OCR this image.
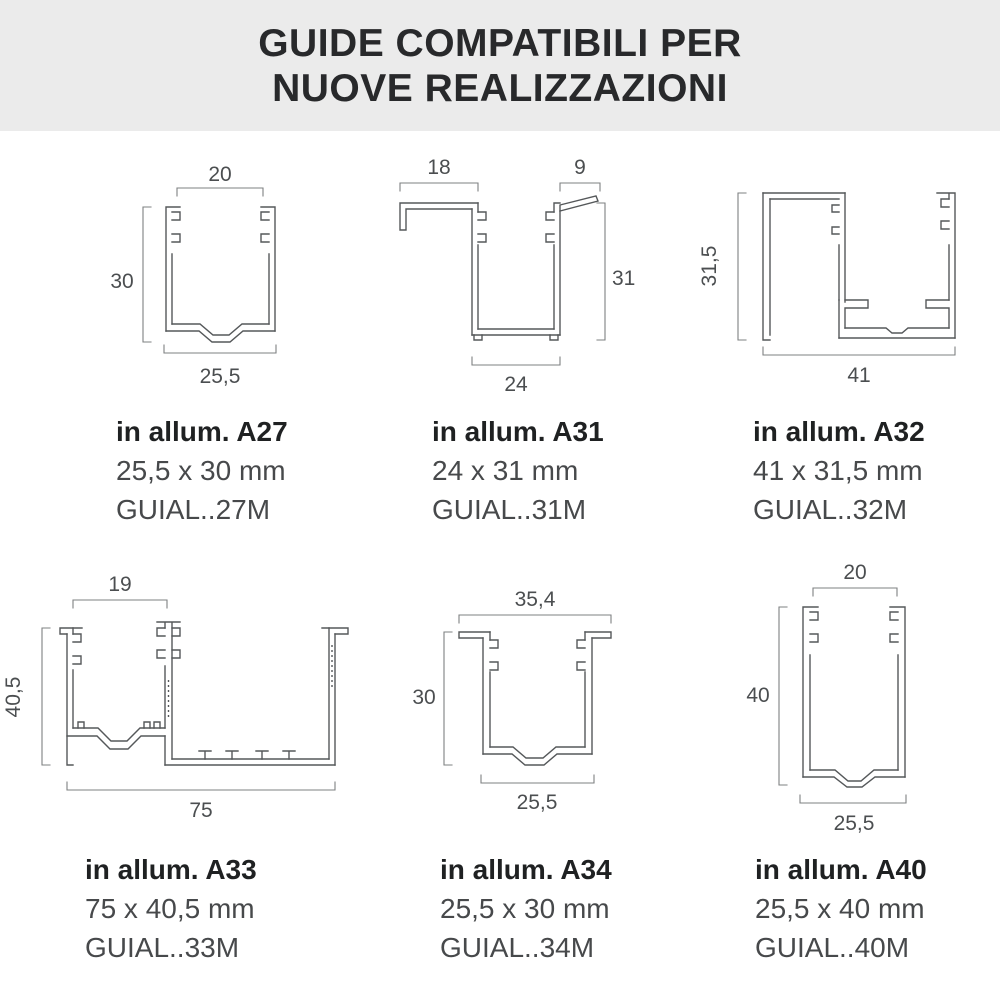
GUIDE COMPATIBILI PER
NUOVE REALIZZAZIONI
20
30
25,5
18	9
31
24
31,5
41
19
40,5
75
35,4
30
25,5
20
40
25,5
in allum. A27
25,5 x 30 mm
GUIAL..27M
in allum. A31
24 x 31 mm
GUIAL..31M
in allum. A32
41 x 31,5 mm
GUIAL..32M
in allum. A33
75 x 40,5 mm
GUIAL..33M
in allum. A34
25,5 x 30 mm
GUIAL..34M
in allum. A40
25,5 x 40 mm
GUIAL..40M
